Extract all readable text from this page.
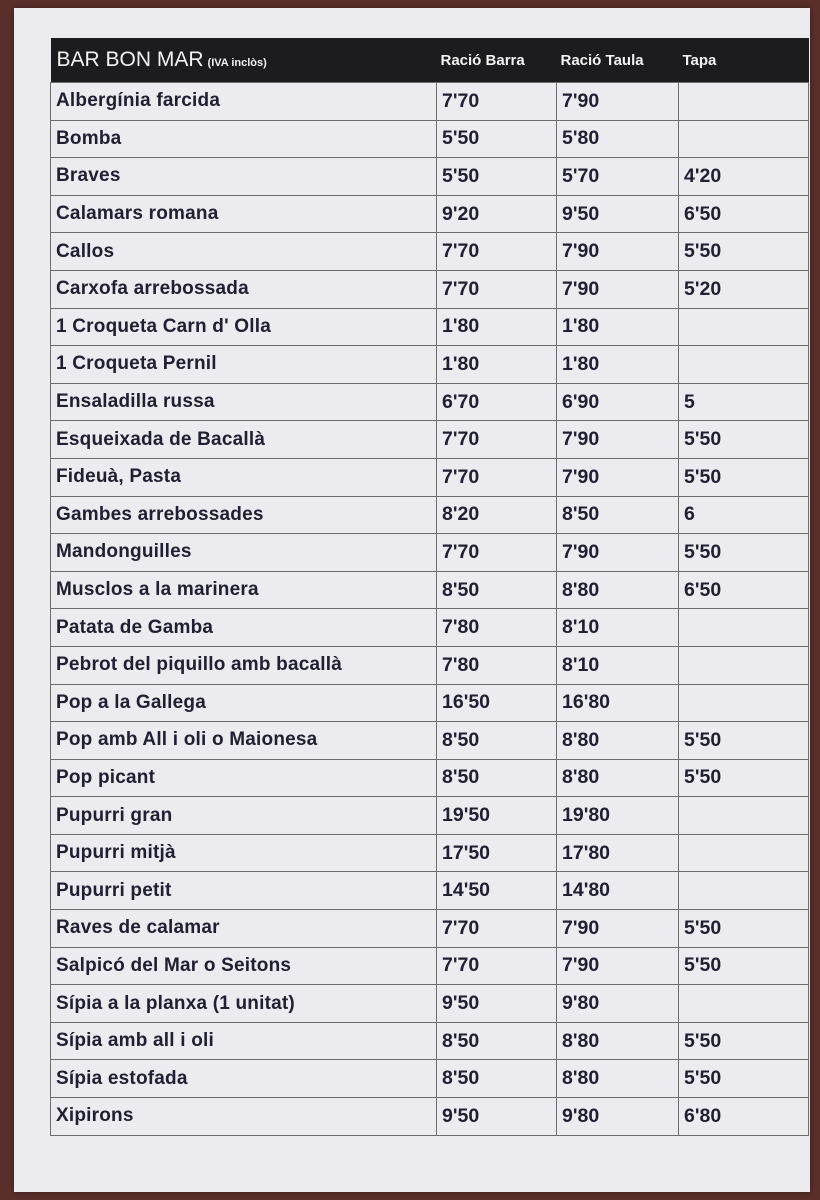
BAR BON MAR (IVA inclòs)	Ració Barra	Ració Taula	Tapa
Albergínia farcida	7'70	7'90	
Bomba	5'50	5'80	
Braves	5'50	5'70	4'20
Calamars romana	9'20	9'50	6'50
Callos	7'70	7'90	5'50
Carxofa arrebossada	7'70	7'90	5'20
1 Croqueta Carn d' Olla	1'80	1'80	
1 Croqueta Pernil	1'80	1'80	
Ensaladilla russa	6'70	6'90	5
Esqueixada de Bacallà	7'70	7'90	5'50
Fideuà, Pasta	7'70	7'90	5'50
Gambes arrebossades	8'20	8'50	6
Mandonguilles	7'70	7'90	5'50
Musclos a la marinera	8'50	8'80	6'50
Patata de Gamba	7'80	8'10	
Pebrot del piquillo amb bacallà	7'80	8'10	
Pop a la Gallega	16'50	16'80	
Pop amb All i oli o Maionesa	8'50	8'80	5'50
Pop picant	8'50	8'80	5'50
Pupurri gran	19'50	19'80	
Pupurri mitjà	17'50	17'80	
Pupurri petit	14'50	14'80	
Raves de calamar	7'70	7'90	5'50
Salpicó del Mar o Seitons	7'70	7'90	5'50
Sípia a la planxa (1 unitat)	9'50	9'80	
Sípia amb all i oli	8'50	8'80	5'50
Sípia estofada	8'50	8'80	5'50
Xipirons	9'50	9'80	6'80
